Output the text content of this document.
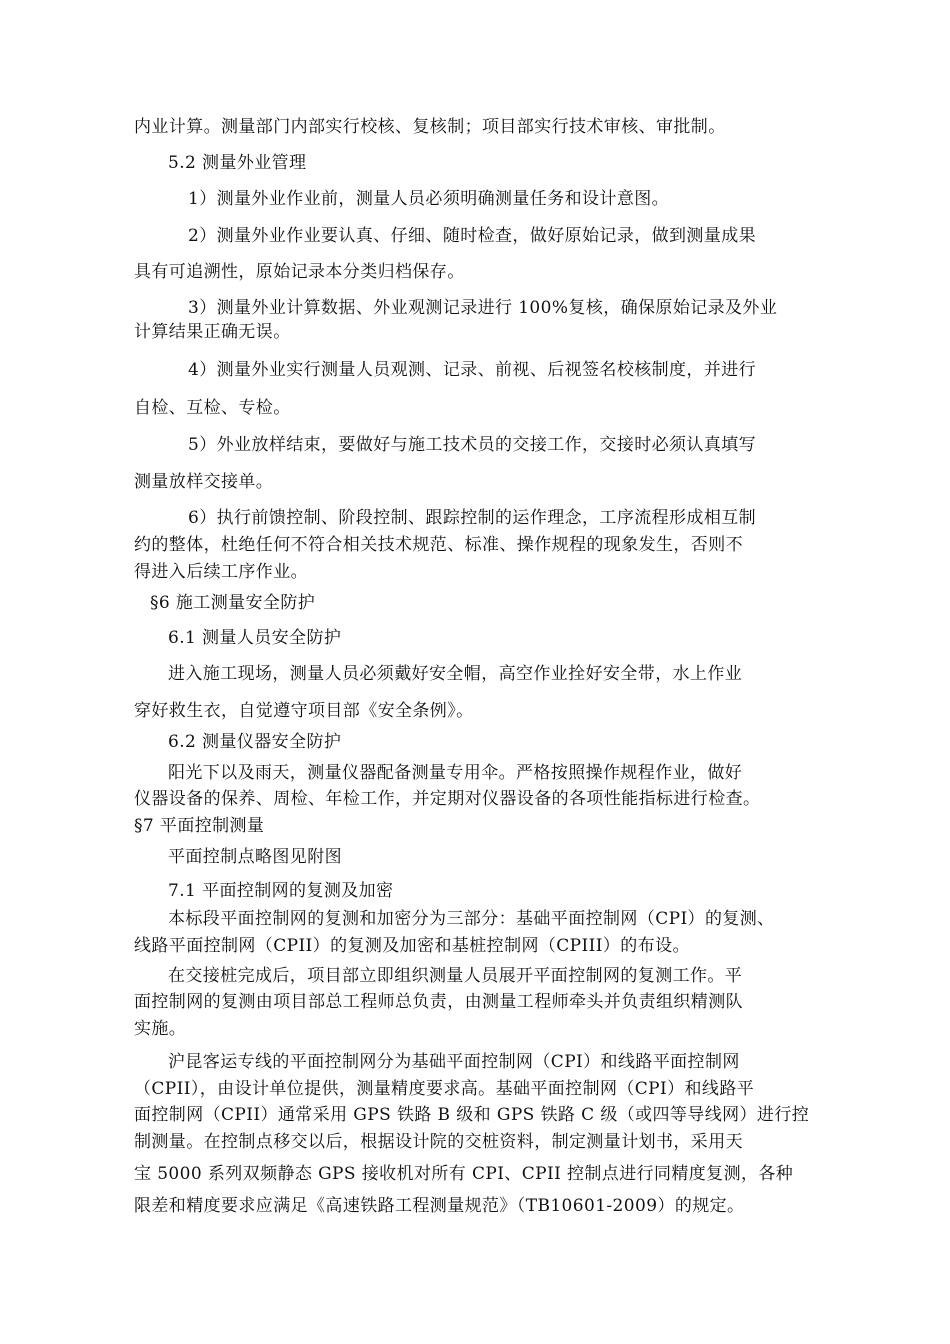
内业计算。测量部门内部实行校核、复核制；项目部实行技术审核、审批制。
5.2 测量外业管理
1）测量外业作业前，测量人员必须明确测量任务和设计意图。
2）测量外业作业要认真、仔细、随时检查，做好原始记录，做到测量成果
具有可追溯性，原始记录本分类归档保存。
3）测量外业计算数据、外业观测记录进行 100%复核，确保原始记录及外业
计算结果正确无误。
4）测量外业实行测量人员观测、记录、前视、后视签名校核制度，并进行
自检、互检、专检。
5）外业放样结束，要做好与施工技术员的交接工作，交接时必须认真填写
测量放样交接单。
6）执行前馈控制、阶段控制、跟踪控制的运作理念，工序流程形成相互制
约的整体，杜绝任何不符合相关技术规范、标准、操作规程的现象发生，否则不
得进入后续工序作业。
§6 施工测量安全防护
6.1 测量人员安全防护
进入施工现场，测量人员必须戴好安全帽，高空作业拴好安全带，水上作业
穿好救生衣，自觉遵守项目部《安全条例》。
6.2 测量仪器安全防护
阳光下以及雨天，测量仪器配备测量专用伞。严格按照操作规程作业，做好
仪器设备的保养、周检、年检工作，并定期对仪器设备的各项性能指标进行检查。
§7 平面控制测量
平面控制点略图见附图
7.1 平面控制网的复测及加密
本标段平面控制网的复测和加密分为三部分：基础平面控制网（CPI）的复测、
线路平面控制网（CPII）的复测及加密和基桩控制网（CPIII）的布设。
在交接桩完成后，项目部立即组织测量人员展开平面控制网的复测工作。平
面控制网的复测由项目部总工程师总负责，由测量工程师牵头并负责组织精测队
实施。
沪昆客运专线的平面控制网分为基础平面控制网（CPI）和线路平面控制网
（CPII），由设计单位提供，测量精度要求高。基础平面控制网（CPI）和线路平
面控制网（CPII）通常采用 GPS 铁路 B 级和 GPS 铁路 C 级（或四等导线网）进行控
制测量。在控制点移交以后，根据设计院的交桩资料，制定测量计划书，采用天
宝 5000 系列双频静态 GPS 接收机对所有 CPI、CPII 控制点进行同精度复测，各种
限差和精度要求应满足《高速铁路工程测量规范》（TB10601-2009）的规定。
